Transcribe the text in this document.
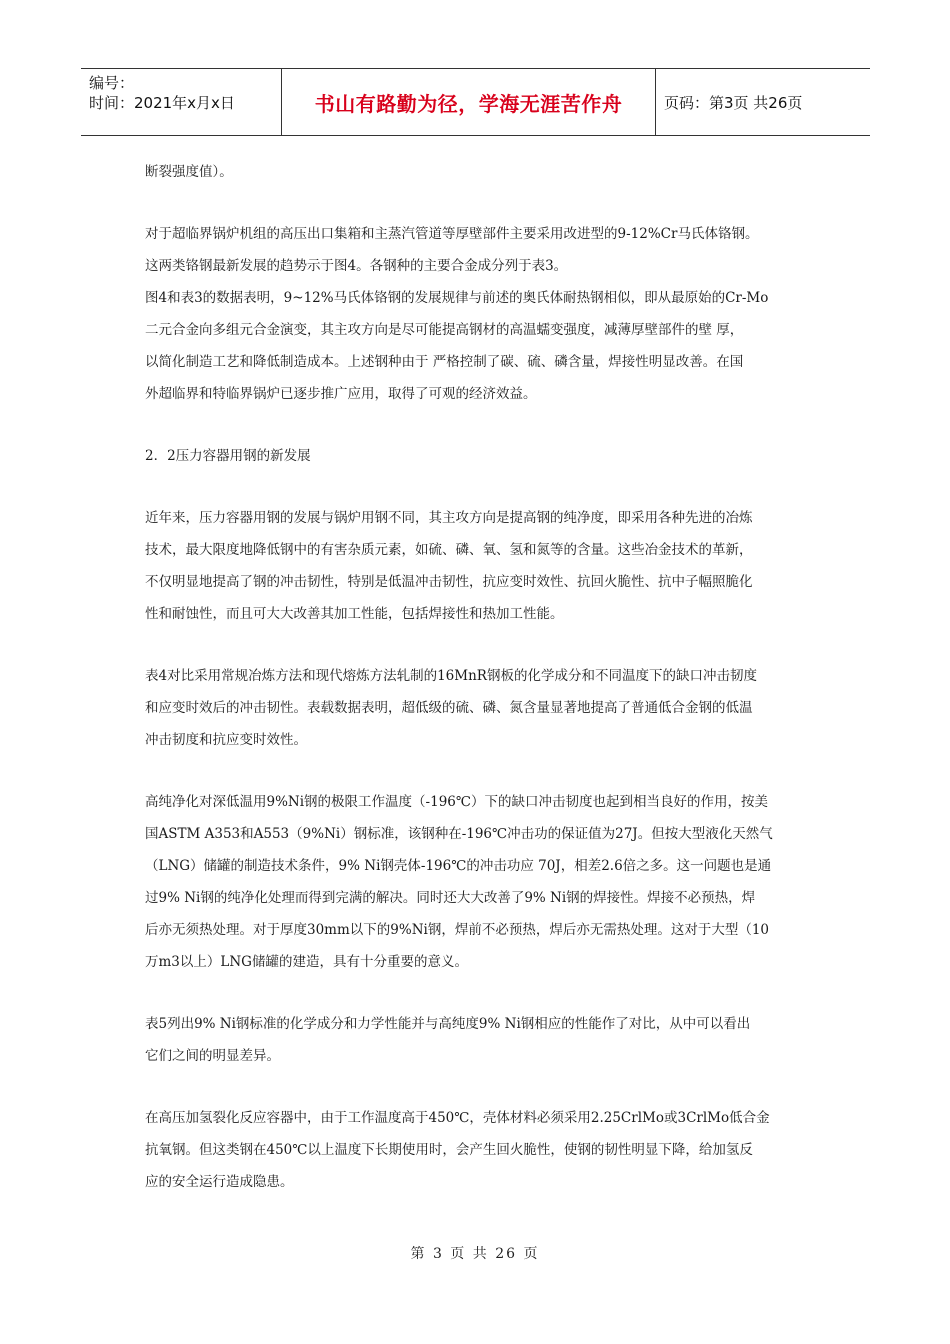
编号：
时间：2021年x月x日	书山有路勤为径，学海无涯苦作舟	页码：第3页 共26页

断裂强度值）。

对于超临界锅炉机组的高压出口集箱和主蒸汽管道等厚壁部件主要采用改进型的9-12%Cr马氏体铬钢。
这两类铬钢最新发展的趋势示于图4。各钢种的主要合金成分列于表3。
图4和表3的数据表明，9~12%马氏体铬钢的发展规律与前述的奥氏体耐热钢相似，即从最原始的Cr-Mo
二元合金向多组元合金演变，其主攻方向是尽可能提高钢材的高温蠕变强度，减薄厚壁部件的壁 厚，
以简化制造工艺和降低制造成本。上述钢种由于 严格控制了碳、硫、磷含量，焊接性明显改善。在国
外超临界和特临界锅炉已逐步推广应用，取得了可观的经济效益。

2．2压力容器用钢的新发展

近年来，压力容器用钢的发展与锅炉用钢不同，其主攻方向是提高钢的纯净度，即采用各种先进的冶炼
技术，最大限度地降低钢中的有害杂质元素，如硫、磷、氧、氢和氮等的含量。这些冶金技术的革新，
不仅明显地提高了钢的冲击韧性，特别是低温冲击韧性，抗应变时效性、抗回火脆性、抗中子幅照脆化
性和耐蚀性，而且可大大改善其加工性能，包括焊接性和热加工性能。

表4对比采用常规冶炼方法和现代熔炼方法轧制的16MnR钢板的化学成分和不同温度下的缺口冲击韧度
和应变时效后的冲击韧性。表载数据表明，超低级的硫、磷、氮含量显著地提高了普通低合金钢的低温
冲击韧度和抗应变时效性。

高纯净化对深低温用9%Ni钢的极限工作温度（-196℃）下的缺口冲击韧度也起到相当良好的作用，按美
国ASTM A353和A553（9%Ni）钢标准，该钢种在-196℃冲击功的保证值为27J。但按大型液化天然气
（LNG）储罐的制造技术条件，9% Ni钢壳体-196℃的冲击功应 70J，相差2.6倍之多。这一问题也是通
过9% Ni钢的纯净化处理而得到完满的解决。同时还大大改善了9% Ni钢的焊接性。焊接不必预热，焊
后亦无须热处理。对于厚度30mm以下的9%Ni钢，焊前不必预热，焊后亦无需热处理。这对于大型（10
万m3以上）LNG储罐的建造，具有十分重要的意义。

表5列出9% Ni钢标准的化学成分和力学性能并与高纯度9% Ni钢相应的性能作了对比，从中可以看出
它们之间的明显差异。

在高压加氢裂化反应容器中，由于工作温度高于450℃，壳体材料必须采用2.25CrlMo或3CrlMo低合金
抗氧钢。但这类钢在450℃以上温度下长期使用时，会产生回火脆性，使钢的韧性明显下降，给加氢反
应的安全运行造成隐患。

第 3 页 共 26 页
